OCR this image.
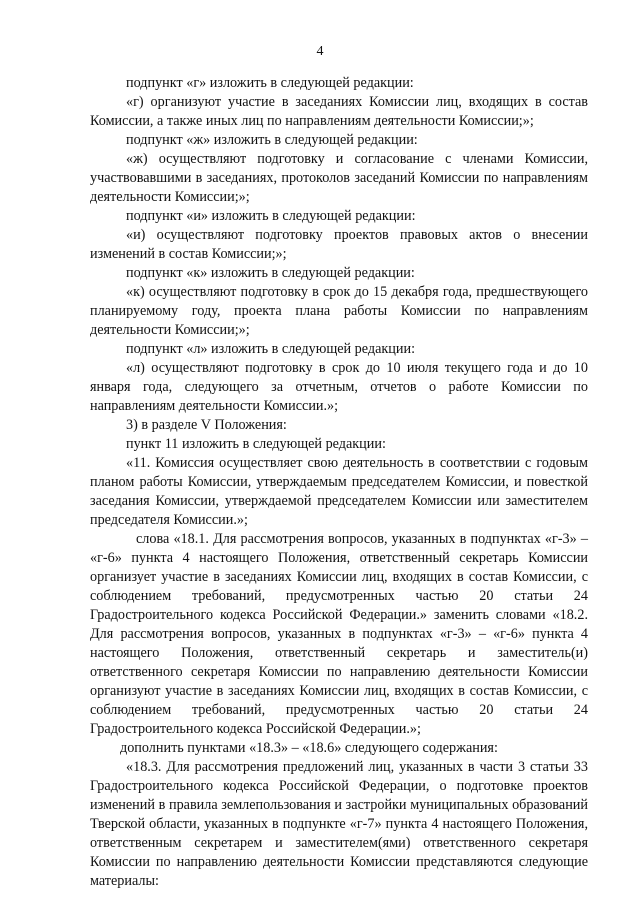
4

подпункт «г» изложить в следующей редакции:

«г) организуют участие в заседаниях Комиссии лиц, входящих в состав Комиссии, а также иных лиц по направлениям деятельности Комиссии;»;

подпункт «ж» изложить в следующей редакции:

«ж) осуществляют подготовку и согласование с членами Комиссии, участвовавшими в заседаниях, протоколов заседаний Комиссии по направлениям деятельности Комиссии;»;

подпункт «и» изложить в следующей редакции:

«и) осуществляют подготовку проектов правовых актов о внесении изменений в состав Комиссии;»;

подпункт «к» изложить в следующей редакции:

«к) осуществляют подготовку в срок до 15 декабря года, предшествующего планируемому году, проекта плана работы Комиссии по направлениям деятельности Комиссии;»;

подпункт «л» изложить в следующей редакции:

«л) осуществляют подготовку в срок до 10 июля текущего года и до 10 января года, следующего за отчетным, отчетов о работе Комиссии по направлениям деятельности Комиссии.»;

3) в разделе V Положения:

пункт 11 изложить в следующей редакции:

«11. Комиссия осуществляет свою деятельность в соответствии с годовым планом работы Комиссии, утверждаемым председателем Комиссии, и повесткой заседания Комиссии, утверждаемой председателем Комиссии или заместителем председателя Комиссии.»;

слова «18.1. Для рассмотрения вопросов, указанных в подпунктах «г-3» – «г-6» пункта 4 настоящего Положения, ответственный секретарь Комиссии организует участие в заседаниях Комиссии лиц, входящих в состав Комиссии, с соблюдением требований, предусмотренных частью 20 статьи 24 Градостроительного кодекса Российской Федерации.» заменить словами «18.2. Для рассмотрения вопросов, указанных в подпунктах «г-3» – «г-6» пункта 4 настоящего Положения, ответственный секретарь и заместитель(и) ответственного секретаря Комиссии по направлению деятельности Комиссии организуют участие в заседаниях Комиссии лиц, входящих в состав Комиссии, с соблюдением требований, предусмотренных частью 20 статьи 24 Градостроительного кодекса Российской Федерации.»;

дополнить пунктами «18.3» – «18.6» следующего содержания:

«18.3. Для рассмотрения предложений лиц, указанных в части 3 статьи 33 Градостроительного кодекса Российской Федерации, о подготовке проектов изменений в правила землепользования и застройки муниципальных образований Тверской области, указанных в подпункте «г-7» пункта 4 настоящего Положения, ответственным секретарем и заместителем(ями) ответственного секретаря Комиссии по направлению деятельности Комиссии представляются следующие материалы:
